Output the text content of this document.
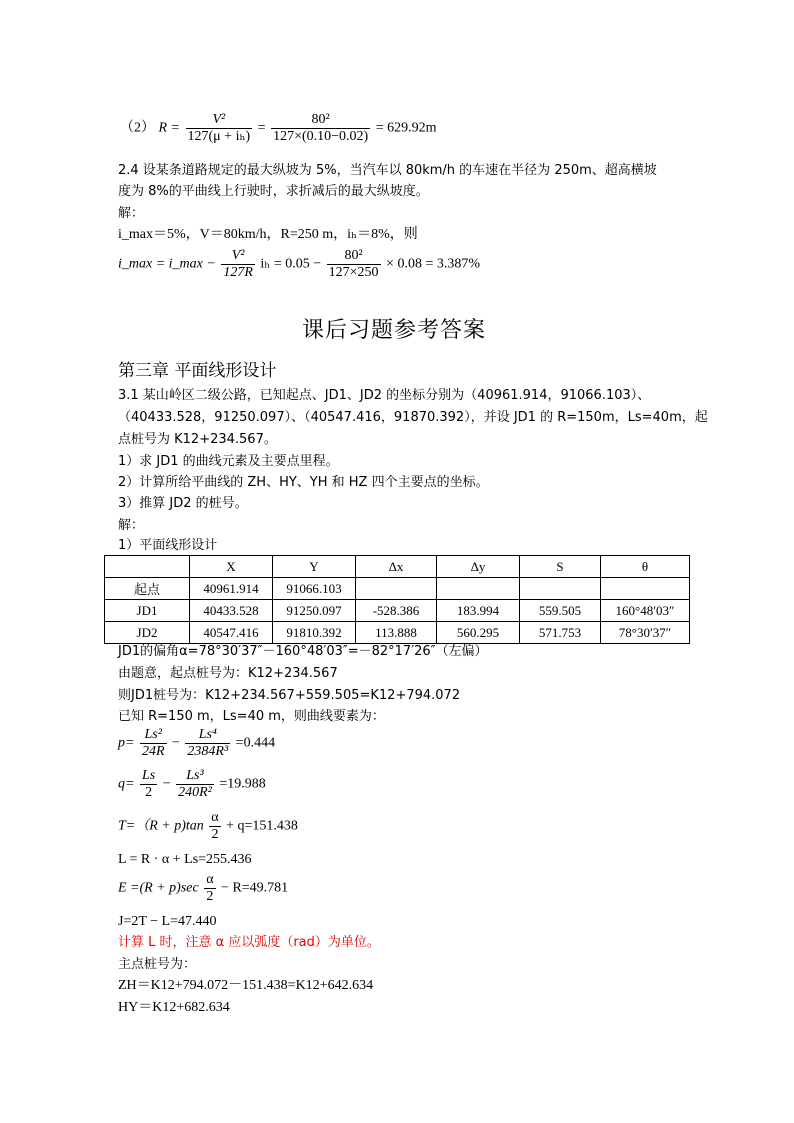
（2） $R = \frac{\text{V²}}{\text{127(μ + iₕ)}} = \frac{\text{80²}}{127\times(0.10-0.02)} = 629.92m$
2.4 设某条道路规定的最大纵坡为 5%，当汽车以 80km/h 的车速在半径为 250m、超高横坡
度为 8%的平曲线上行驶时，求折减后的最大纵坡度。
解：
i_max＝5%，V＝80km/h，R=250 m，iₕ＝8%，则
i_max = i_max − $\frac{\text{V²}}{127R}$ $i_h = 0.05 - \frac{\text{80²}}{127\times 250} \times 0.08 = 3.387\%$
课后习题参考答案
第三章 平面线形设计
3.1 某山岭区二级公路，已知起点、JD1、JD2 的坐标分别为（40961.914，91066.103）、
（40433.528，91250.097）、（40547.416，91870.392），并设 JD1 的 R=150m，Ls=40m，起
点桩号为 K12+234.567。
1）求 JD1 的曲线元素及主要点里程。
2）计算所给平曲线的 ZH、HY、YH 和 HZ 四个主要点的坐标。
3）推算 JD2 的桩号。
解：
1）平面线形设计
	X	Y	Δx	Δy	S	θ
起点	40961.914	91066.103				
JD1	40433.528	91250.097	-528.386	183.994	559.505	160°48′03″
JD2	40547.416	91810.392	113.888	560.295	571.753	78°30′37″
JD1的偏角α=78°30′37″－160°48′03″=－82°17′26″（左偏）
由题意，起点桩号为：K12+234.567
则JD1桩号为：K12+234.567+559.505=K12+794.072
已知 R=150 m，Ls=40 m，则曲线要素为：
$p= \frac{\text{Ls²}}{24R} - \frac{\text{Ls⁴}}{\text{2384R³}} =0.444$
$q= \frac{Ls}{2} - \frac{\text{Ls³}}{\text{240R²}} =19.988$
$T=(R + p)\tan \frac{\alpha}{2} + q=151.438$
L = R · α + Ls=255.436
$E =(R + p)\sec \frac{\alpha}{2} - R=49.781$
J=2T − L=47.440
计算 L 时，注意 α 应以弧度（rad）为单位。
主点桩号为：
ZH＝K12+794.072－151.438=K12+642.634
HY＝K12+682.634
